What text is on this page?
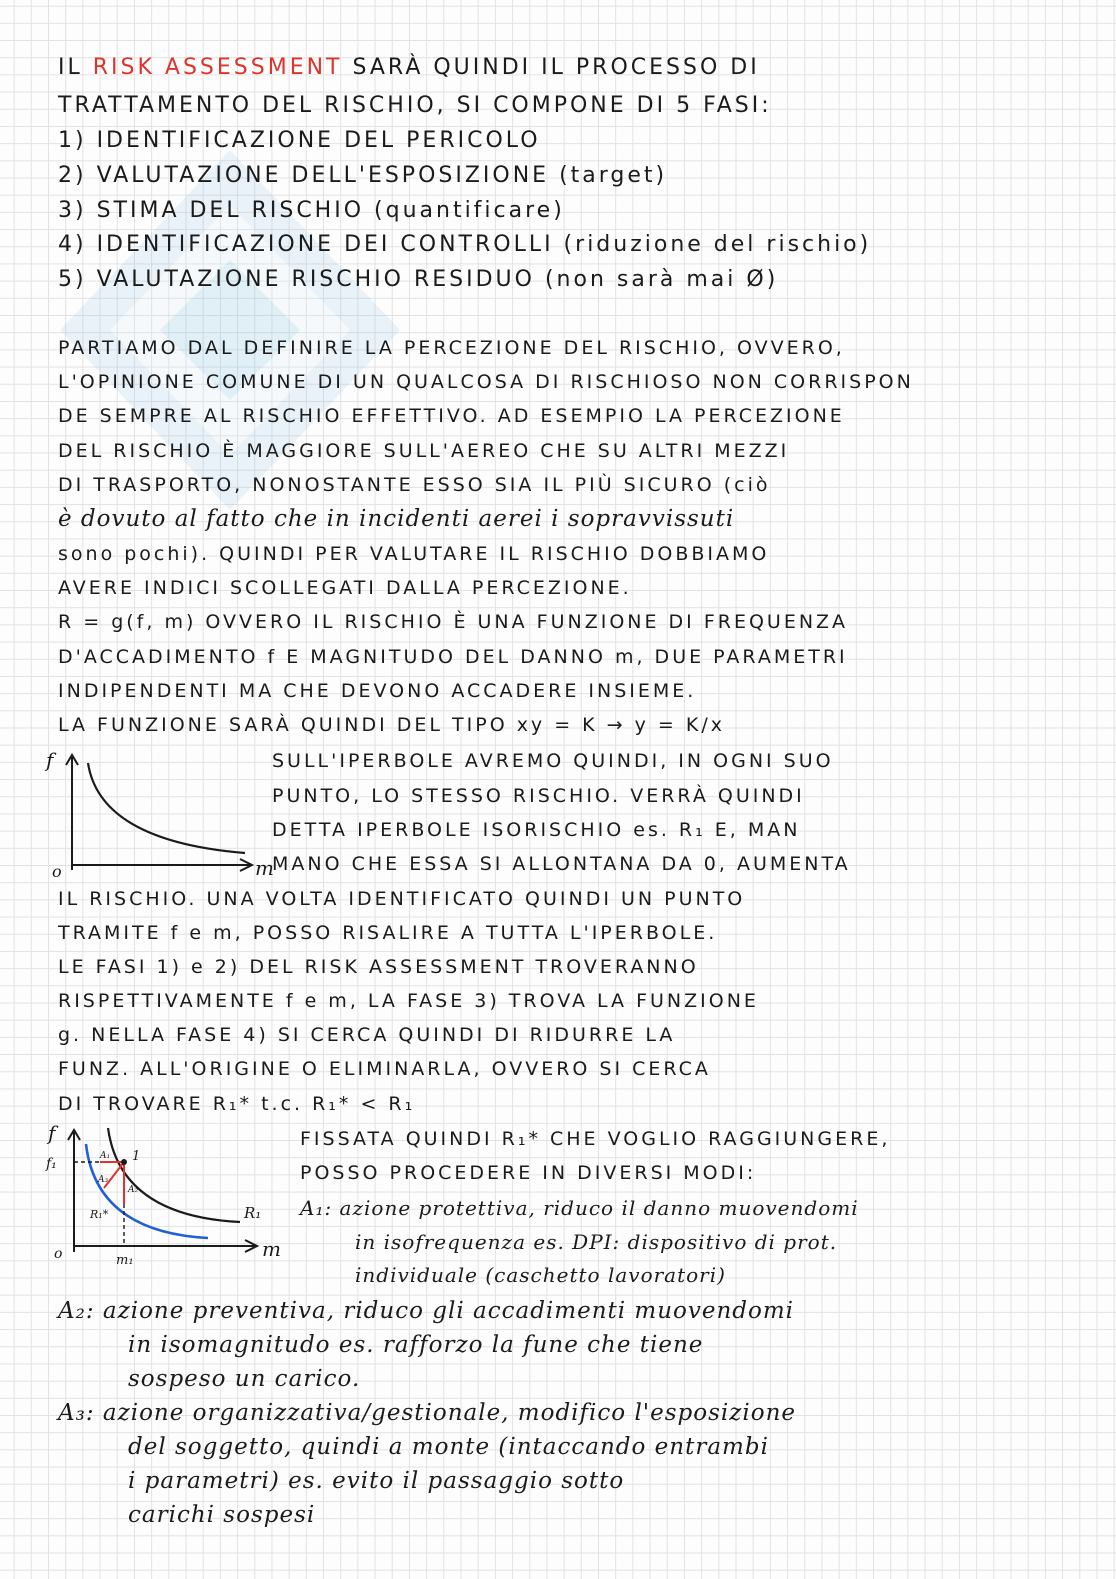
IL RISK ASSESSMENT SARÀ QUINDI IL PROCESSO DI
TRATTAMENTO DEL RISCHIO, SI COMPONE DI 5 FASI:
1) IDENTIFICAZIONE DEL PERICOLO
2) VALUTAZIONE DELL'ESPOSIZIONE (target)
3) STIMA DEL RISCHIO (quantificare)
4) IDENTIFICAZIONE DEI CONTROLLI (riduzione del rischio)
5) VALUTAZIONE RISCHIO RESIDUO (non sarà mai Ø)
PARTIAMO DAL DEFINIRE LA PERCEZIONE DEL RISCHIO, OVVERO,
L'OPINIONE COMUNE DI UN QUALCOSA DI RISCHIOSO NON CORRISPON
DE SEMPRE AL RISCHIO EFFETTIVO. AD ESEMPIO LA PERCEZIONE
DEL RISCHIO È MAGGIORE SULL'AEREO CHE SU ALTRI MEZZI
DI TRASPORTO, NONOSTANTE ESSO SIA IL PIÙ SICURO (ciò
è dovuto al fatto che in incidenti aerei i sopravvissuti
sono pochi). QUINDI PER VALUTARE IL RISCHIO DOBBIAMO
AVERE INDICI SCOLLEGATI DALLA PERCEZIONE.
R = g(f, m) OVVERO IL RISCHIO È UNA FUNZIONE DI FREQUENZA
D'ACCADIMENTO f E MAGNITUDO DEL DANNO m, DUE PARAMETRI
INDIPENDENTI MA CHE DEVONO ACCADERE INSIEME.
LA FUNZIONE SARÀ QUINDI DEL TIPO xy = K → y = K/x
f
m
o
SULL'IPERBOLE AVREMO QUINDI, IN OGNI SUO
PUNTO, LO STESSO RISCHIO. VERRÀ QUINDI
DETTA IPERBOLE ISORISCHIO es. R₁ E, MAN
MANO CHE ESSA SI ALLONTANA DA 0, AUMENTA
IL RISCHIO. UNA VOLTA IDENTIFICATO QUINDI UN PUNTO
TRAMITE f e m, POSSO RISALIRE A TUTTA L'IPERBOLE.
LE FASI 1) e 2) DEL RISK ASSESSMENT TROVERANNO
RISPETTIVAMENTE f e m, LA FASE 3) TROVA LA FUNZIONE
g. NELLA FASE 4) SI CERCA QUINDI DI RIDURRE LA
FUNZ. ALL'ORIGINE O ELIMINARLA, OVVERO SI CERCA
DI TROVARE R₁* t.c. R₁* < R₁
f
f₁
m
m₁
o
R₁
R₁*
A₁
A₂
A₃
1
FISSATA QUINDI R₁* CHE VOGLIO RAGGIUNGERE,
POSSO PROCEDERE IN DIVERSI MODI:
A₁: azione protettiva, riduco il danno muovendomi
in isofrequenza es. DPI: dispositivo di prot.
individuale (caschetto lavoratori)
A₂: azione preventiva, riduco gli accadimenti muovendomi
in isomagnitudo es. rafforzo la fune che tiene
sospeso un carico.
A₃: azione organizzativa/gestionale, modifico l'esposizione
del soggetto, quindi a monte (intaccando entrambi
i parametri) es. evito il passaggio sotto
carichi sospesi
